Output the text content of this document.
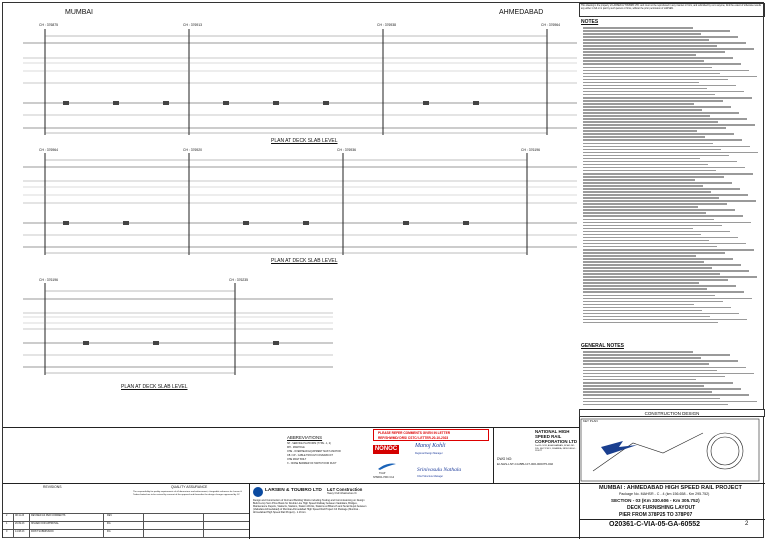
MUMBAI	AHMEDABAD
CH : 376875	CH : 376913	CH : 376938	CH : 376964
CH : 376964	CH : 376920	CH : 376936	CH : 376196
CH : 376196	CH : 376235
PLAN AT DECK SLAB LEVEL
PLAN AT DECK SLAB LEVEL
PLAN AT DECK SLAB LEVEL
This drawing is the property of LARSEN & TOUBRO LTD. and must not be reproduced in any manner or form, and submitted by us to anyone, limit the extent of otherwise results any either in full or in part by such person or firms, without the prior permission of LARSEN.
NOTES
GENERAL NOTES
CONSTRUCTION DESIGN
KEY PLAN
ABBREVIATIONS
SP - SERVICE PLATFORM (TYPE - 1, 2)
MH - MANHOLE
OHE - OVERHEAD EQUIPMENT MAST ANCHOR
CB / CP - CABLE TROUGH COVER/DUCT
OHE MAST BOLT
X - NOISE BARRIER OF SWITCH FOR DUCT
PLEASE REFER COMMENTS GIVEN IN LETTER
REF/SHWMD/ DRS/ CSTC/ LETTER-20-10-2023
NONOC	Manoj Kohli
Regional Design Manager
TCAP
NHSRCL PMC Civil
Srinivasulu Nathala
Chief Structure Manager
NATIONAL HIGH SPEED RAIL CORPORATION LTD
2nd FLOOR, ASIA BHAWAN, ROAD NO. 205, SECTOR 9, DWARKA, NEW DELHI - 110077
DWG NO:
EI-NHS-LNT-C4-BBU-07-000-000375-002
REVISIONS	QUALITY ASSURANCE
The responsibility for quality requirements of all dimensions and enforcement, chargeable reference for Larsen & Toubro limited are to be revised by consent of the approval and thereafter the design changes approved by JV.
2	08.11.23	REVISED AS PER COMMENTS	REV
1	26.09.23	ISSUED FOR APPROVAL	IFA
0	14.08.23	FIRST SUBMISSION	IFA
LARSEN & TOUBRO LTD L&T Construction
Heavy Civil Infrastructure IC
Design and Construction of Civil and Building Works including Testing and Commissioning on Design Build Lump Sum Price Basis for Double Line High Speed Railway between Vadodara, Bridges, Maintenance Depots, Viaducts, Stations, Station Works, Stations at Bharuch and Surat Depot between (Vadodara Ahmedabad) of Mumbai-Ahmedabad High Speed Rail Project C4 Package (Mumbai - Ahmedabad High Speed Rail Project) - 1.16 km.
MUMBAI : AHMEDABAD HIGH SPEED RAIL PROJECT
Package No. MAHSR - C - 4 (km 156.658 - Km 295.752)
SECTION - 03 (Km 330.606 - Km 305.752)
DECK FURNISHING LAYOUT
PIER FROM 378P25 TO 378P07
O20361-C-VIA-05-GA-60552	2
